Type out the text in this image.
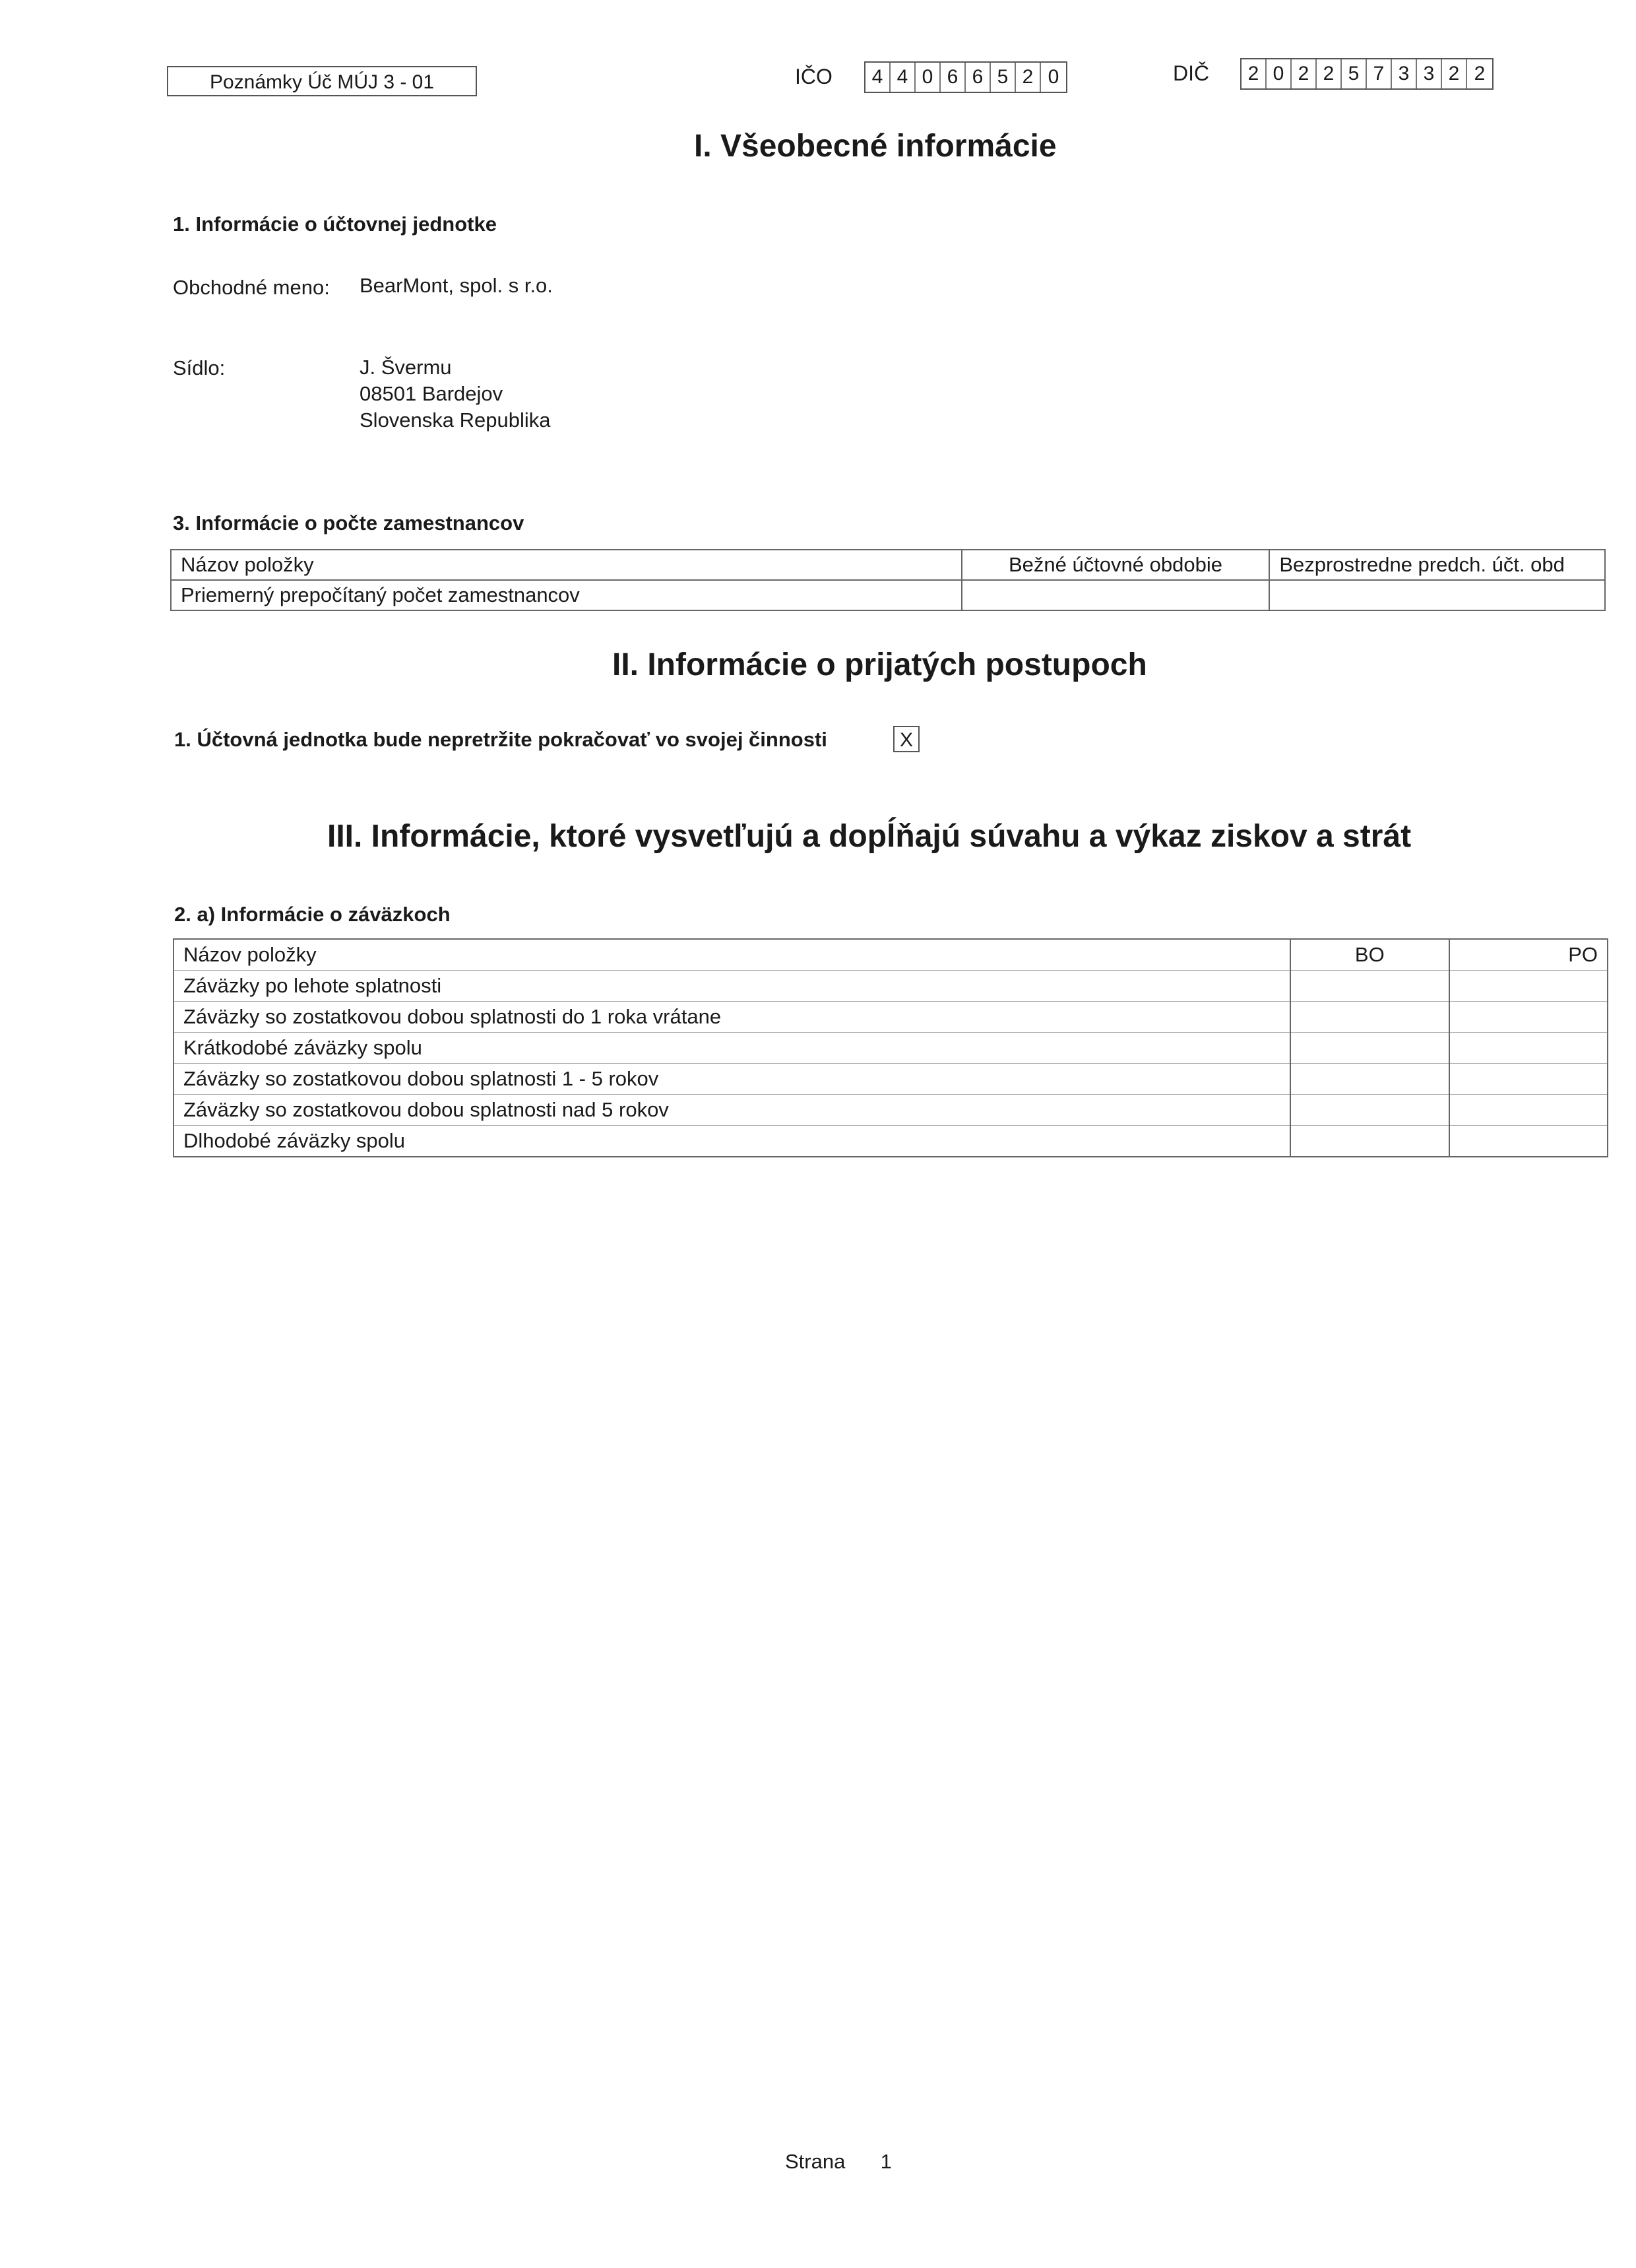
Poznámky Úč MÚJ 3 - 01	IČO	4 4 0 6 6 5 2 0	DIČ	2 0 2 2 5 7 3 3 2 2
I. Všeobecné informácie
1. Informácie o účtovnej jednotke
Obchodné meno: BearMont, spol. s r.o.
Sídlo:	J. Švermu
08501 Bardejov
Slovenska Republika
3. Informácie o počte zamestnancov
Názov položky	Bežné účtovné obdobie	Bezprostredne predch. účt. obd
Priemerný prepočítaný počet zamestnancov		
II. Informácie o prijatých postupoch
1. Účtovná jednotka bude nepretržite pokračovať vo svojej činnosti	X
III. Informácie, ktoré vysvetľujú a dopĺňajú súvahu a výkaz ziskov a strát
2. a) Informácie o záväzkoch
Názov položky	BO	PO
Záväzky po lehote splatnosti		
Záväzky so zostatkovou dobou splatnosti do 1 roka vrátane		
Krátkodobé záväzky spolu		
Záväzky so zostatkovou dobou splatnosti 1 - 5 rokov		
Záväzky so zostatkovou dobou splatnosti nad 5 rokov		
Dlhodobé záväzky spolu		
Strana 1
